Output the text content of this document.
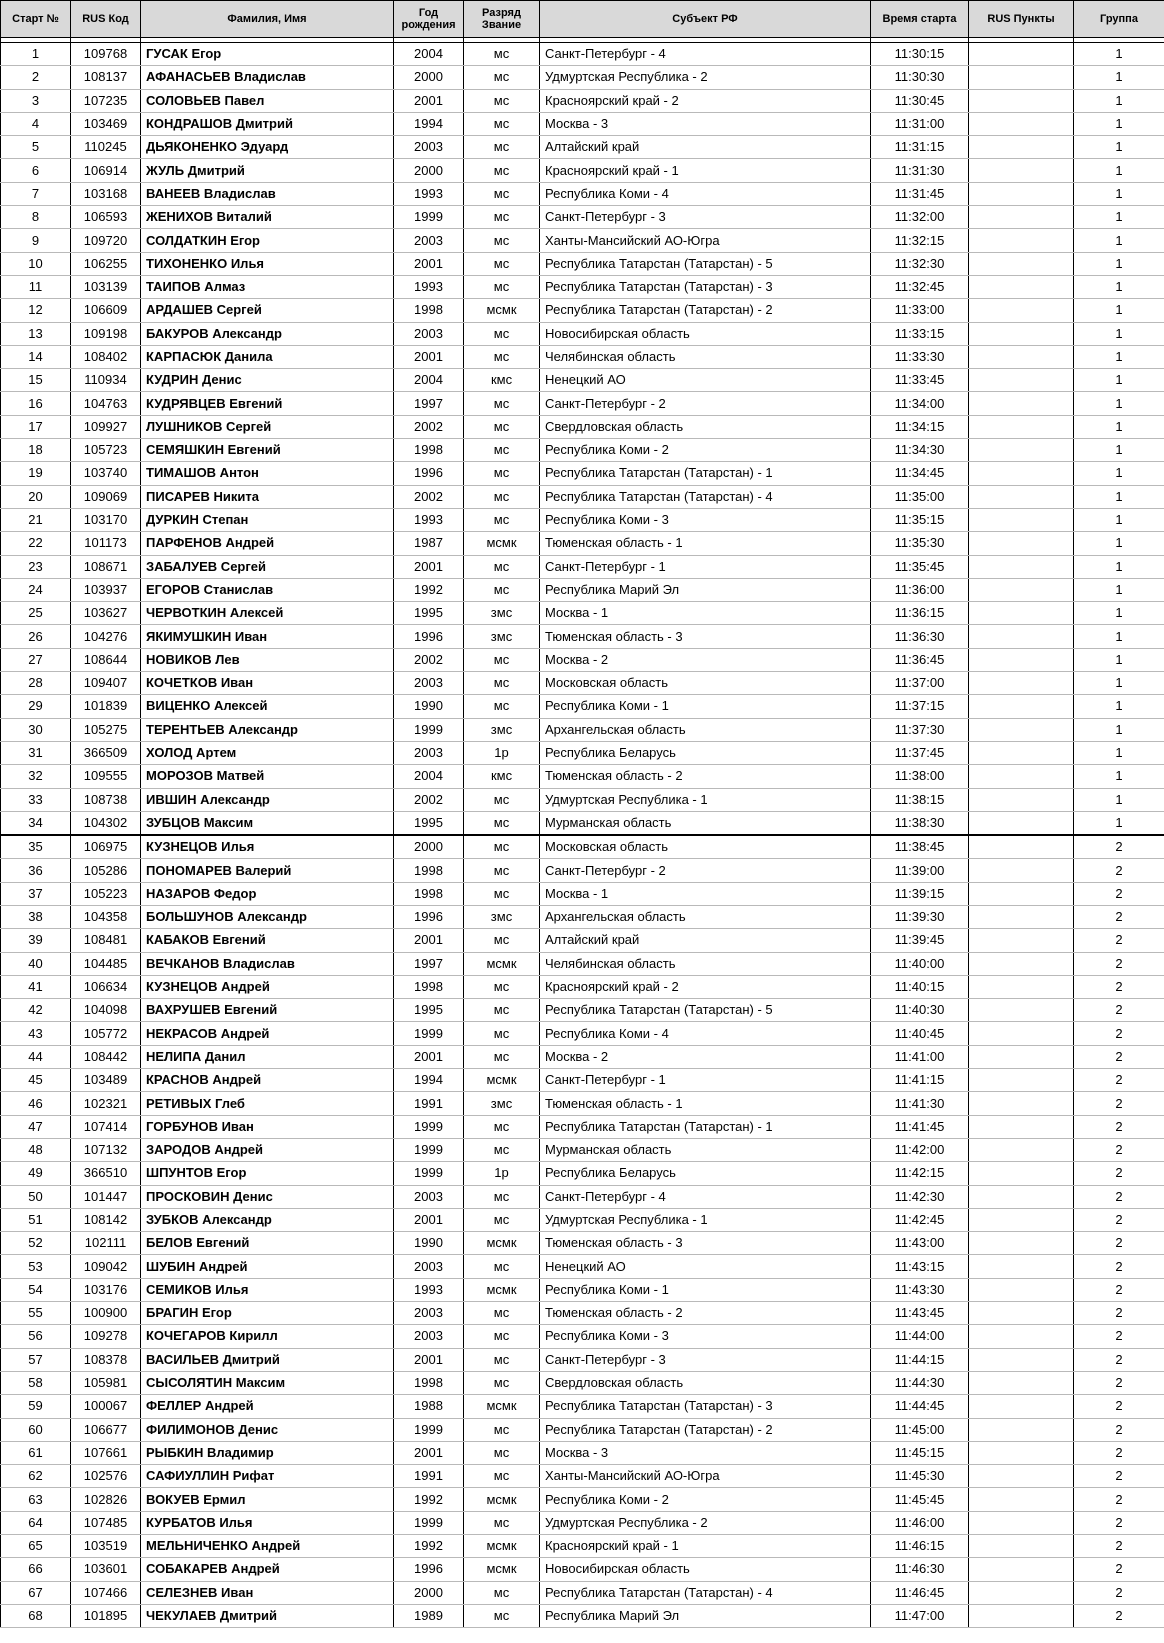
Старт №	RUS Код	Фамилия, Имя	Год рождения	Разряд Звание	Субъект РФ	Время старта	RUS Пункты	Группа

1	109768	ГУСАК Егор	2004	мс	Санкт-Петербург - 4	11:30:15		1
2	108137	АФАНАСЬЕВ Владислав	2000	мс	Удмуртская Республика - 2	11:30:30		1
3	107235	СОЛОВЬЕВ Павел	2001	мс	Красноярский край - 2	11:30:45		1
4	103469	КОНДРАШОВ Дмитрий	1994	мс	Москва - 3	11:31:00		1
5	110245	ДЬЯКОНЕНКО Эдуард	2003	мс	Алтайский край	11:31:15		1
6	106914	ЖУЛЬ Дмитрий	2000	мс	Красноярский край - 1	11:31:30		1
7	103168	ВАНЕЕВ Владислав	1993	мс	Республика Коми - 4	11:31:45		1
8	106593	ЖЕНИХОВ Виталий	1999	мс	Санкт-Петербург - 3	11:32:00		1
9	109720	СОЛДАТКИН Егор	2003	мс	Ханты-Мансийский АО-Югра	11:32:15		1
10	106255	ТИХОНЕНКО Илья	2001	мс	Республика Татарстан (Татарстан) - 5	11:32:30		1
11	103139	ТАИПОВ Алмаз	1993	мс	Республика Татарстан (Татарстан) - 3	11:32:45		1
12	106609	АРДАШЕВ Сергей	1998	мсмк	Республика Татарстан (Татарстан) - 2	11:33:00		1
13	109198	БАКУРОВ Александр	2003	мс	Новосибирская область	11:33:15		1
14	108402	КАРПАСЮК Данила	2001	мс	Челябинская область	11:33:30		1
15	110934	КУДРИН Денис	2004	кмс	Ненецкий АО	11:33:45		1
16	104763	КУДРЯВЦЕВ Евгений	1997	мс	Санкт-Петербург - 2	11:34:00		1
17	109927	ЛУШНИКОВ Сергей	2002	мс	Свердловская область	11:34:15		1
18	105723	СЕМЯШКИН Евгений	1998	мс	Республика Коми - 2	11:34:30		1
19	103740	ТИМАШОВ Антон	1996	мс	Республика Татарстан (Татарстан) - 1	11:34:45		1
20	109069	ПИСАРЕВ Никита	2002	мс	Республика Татарстан (Татарстан) - 4	11:35:00		1
21	103170	ДУРКИН Степан	1993	мс	Республика Коми - 3	11:35:15		1
22	101173	ПАРФЕНОВ Андрей	1987	мсмк	Тюменская область - 1	11:35:30		1
23	108671	ЗАБАЛУЕВ Сергей	2001	мс	Санкт-Петербург - 1	11:35:45		1
24	103937	ЕГОРОВ Станислав	1992	мс	Республика Марий Эл	11:36:00		1
25	103627	ЧЕРВОТКИН Алексей	1995	змс	Москва - 1	11:36:15		1
26	104276	ЯКИМУШКИН Иван	1996	змс	Тюменская область - 3	11:36:30		1
27	108644	НОВИКОВ Лев	2002	мс	Москва - 2	11:36:45		1
28	109407	КОЧЕТКОВ Иван	2003	мс	Московская область	11:37:00		1
29	101839	ВИЦЕНКО Алексей	1990	мс	Республика Коми - 1	11:37:15		1
30	105275	ТЕРЕНТЬЕВ Александр	1999	змс	Архангельская область	11:37:30		1
31	366509	ХОЛОД Артем	2003	1р	Республика Беларусь	11:37:45		1
32	109555	МОРОЗОВ Матвей	2004	кмс	Тюменская область - 2	11:38:00		1
33	108738	ИВШИН Александр	2002	мс	Удмуртская Республика - 1	11:38:15		1
34	104302	ЗУБЦОВ Максим	1995	мс	Мурманская область	11:38:30		1
35	106975	КУЗНЕЦОВ Илья	2000	мс	Московская область	11:38:45		2
36	105286	ПОНОМАРЕВ Валерий	1998	мс	Санкт-Петербург - 2	11:39:00		2
37	105223	НАЗАРОВ Федор	1998	мс	Москва - 1	11:39:15		2
38	104358	БОЛЬШУНОВ Александр	1996	змс	Архангельская область	11:39:30		2
39	108481	КАБАКОВ Евгений	2001	мс	Алтайский край	11:39:45		2
40	104485	ВЕЧКАНОВ Владислав	1997	мсмк	Челябинская область	11:40:00		2
41	106634	КУЗНЕЦОВ Андрей	1998	мс	Красноярский край - 2	11:40:15		2
42	104098	ВАХРУШЕВ Евгений	1995	мс	Республика Татарстан (Татарстан) - 5	11:40:30		2
43	105772	НЕКРАСОВ Андрей	1999	мс	Республика Коми - 4	11:40:45		2
44	108442	НЕЛИПА Данил	2001	мс	Москва - 2	11:41:00		2
45	103489	КРАСНОВ Андрей	1994	мсмк	Санкт-Петербург - 1	11:41:15		2
46	102321	РЕТИВЫХ Глеб	1991	змс	Тюменская область - 1	11:41:30		2
47	107414	ГОРБУНОВ Иван	1999	мс	Республика Татарстан (Татарстан) - 1	11:41:45		2
48	107132	ЗАРОДОВ Андрей	1999	мс	Мурманская область	11:42:00		2
49	366510	ШПУНТОВ Егор	1999	1р	Республика Беларусь	11:42:15		2
50	101447	ПРОСКОВИН Денис	2003	мс	Санкт-Петербург - 4	11:42:30		2
51	108142	ЗУБКОВ Александр	2001	мс	Удмуртская Республика - 1	11:42:45		2
52	102111	БЕЛОВ Евгений	1990	мсмк	Тюменская область - 3	11:43:00		2
53	109042	ШУБИН Андрей	2003	мс	Ненецкий АО	11:43:15		2
54	103176	СЕМИКОВ Илья	1993	мсмк	Республика Коми - 1	11:43:30		2
55	100900	БРАГИН Егор	2003	мс	Тюменская область - 2	11:43:45		2
56	109278	КОЧЕГАРОВ Кирилл	2003	мс	Республика Коми - 3	11:44:00		2
57	108378	ВАСИЛЬЕВ Дмитрий	2001	мс	Санкт-Петербург - 3	11:44:15		2
58	105981	СЫСОЛЯТИН Максим	1998	мс	Свердловская область	11:44:30		2
59	100067	ФЕЛЛЕР Андрей	1988	мсмк	Республика Татарстан (Татарстан) - 3	11:44:45		2
60	106677	ФИЛИМОНОВ Денис	1999	мс	Республика Татарстан (Татарстан) - 2	11:45:00		2
61	107661	РЫБКИН Владимир	2001	мс	Москва - 3	11:45:15		2
62	102576	САФИУЛЛИН Рифат	1991	мс	Ханты-Мансийский АО-Югра	11:45:30		2
63	102826	ВОКУЕВ Ермил	1992	мсмк	Республика Коми - 2	11:45:45		2
64	107485	КУРБАТОВ Илья	1999	мс	Удмуртская Республика - 2	11:46:00		2
65	103519	МЕЛЬНИЧЕНКО Андрей	1992	мсмк	Красноярский край - 1	11:46:15		2
66	103601	СОБАКАРЕВ Андрей	1996	мсмк	Новосибирская область	11:46:30		2
67	107466	СЕЛЕЗНЕВ Иван	2000	мс	Республика Татарстан (Татарстан) - 4	11:46:45		2
68	101895	ЧЕКУЛАЕВ Дмитрий	1989	мс	Республика Марий Эл	11:47:00		2
